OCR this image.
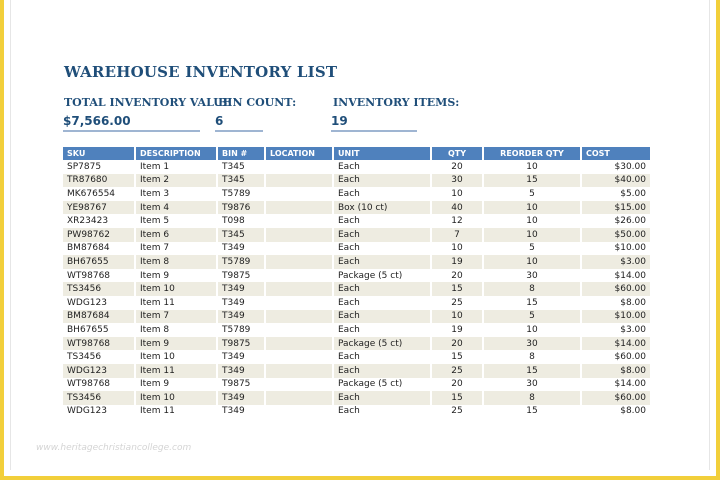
WAREHOUSE INVENTORY LIST
TOTAL INVENTORY VALUE
BIN COUNT:	INVENTORY ITEMS:
$7,566.00	6	19
SKU	DESCRIPTION	BIN #	LOCATION	UNIT	QTY	REORDER QTY	COST
SP7875	Item 1	T345		Each	20	10	$30.00
TR87680	Item 2	T345		Each	30	15	$40.00
MK676554	Item 3	T5789		Each	10	5	$5.00
YE98767	Item 4	T9876		Box (10 ct)	40	10	$15.00
XR23423	Item 5	T098		Each	12	10	$26.00
PW98762	Item 6	T345		Each	7	10	$50.00
BM87684	Item 7	T349		Each	10	5	$10.00
BH67655	Item 8	T5789		Each	19	10	$3.00
WT98768	Item 9	T9875		Package (5 ct)	20	30	$14.00
TS3456	Item 10	T349		Each	15	8	$60.00
WDG123	Item 11	T349		Each	25	15	$8.00
BM87684	Item 7	T349		Each	10	5	$10.00
BH67655	Item 8	T5789		Each	19	10	$3.00
WT98768	Item 9	T9875		Package (5 ct)	20	30	$14.00
TS3456	Item 10	T349		Each	15	8	$60.00
WDG123	Item 11	T349		Each	25	15	$8.00
WT98768	Item 9	T9875		Package (5 ct)	20	30	$14.00
TS3456	Item 10	T349		Each	15	8	$60.00
WDG123	Item 11	T349		Each	25	15	$8.00
www.heritagechristiancollege.com
